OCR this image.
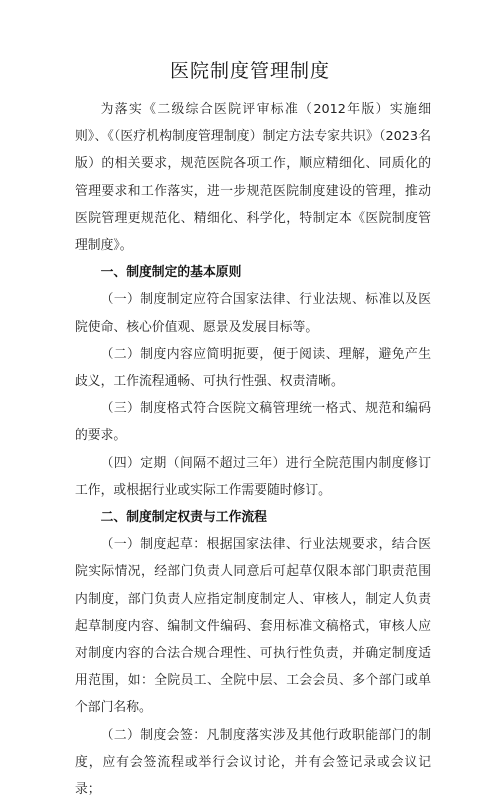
医院制度管理制度

为落实《二级综合医院评审标准（2012年版）实施细则》、《（医疗机构制度管理制度）制定方法专家共识》（2023名版）的相关要求，规范医院各项工作，顺应精细化、同质化的管理要求和工作落实，进一步规范医院制度建设的管理，推动医院管理更规范化、精细化、科学化，特制定本《医院制度管理制度》。

一、制度制定的基本原则

（一）制度制定应符合国家法律、行业法规、标准以及医院使命、核心价值观、愿景及发展目标等。

（二）制度内容应简明扼要，便于阅读、理解，避免产生歧义，工作流程通畅、可执行性强、权责清晰。

（三）制度格式符合医院文稿管理统一格式、规范和编码的要求。

（四）定期（间隔不超过三年）进行全院范围内制度修订工作，或根据行业或实际工作需要随时修订。

二、制度制定权责与工作流程

（一）制度起草：根据国家法律、行业法规要求，结合医院实际情况，经部门负责人同意后可起草仅限本部门职责范围内制度，部门负责人应指定制度制定人、审核人，制定人负责起草制度内容、编制文件编码、套用标准文稿格式，审核人应对制度内容的合法合规合理性、可执行性负责，并确定制度适用范围，如：全院员工、全院中层、工会会员、多个部门或单个部门名称。

（二）制度会签：凡制度落实涉及其他行政职能部门的制度，应有会签流程或举行会议讨论，并有会签记录或会议记录；
